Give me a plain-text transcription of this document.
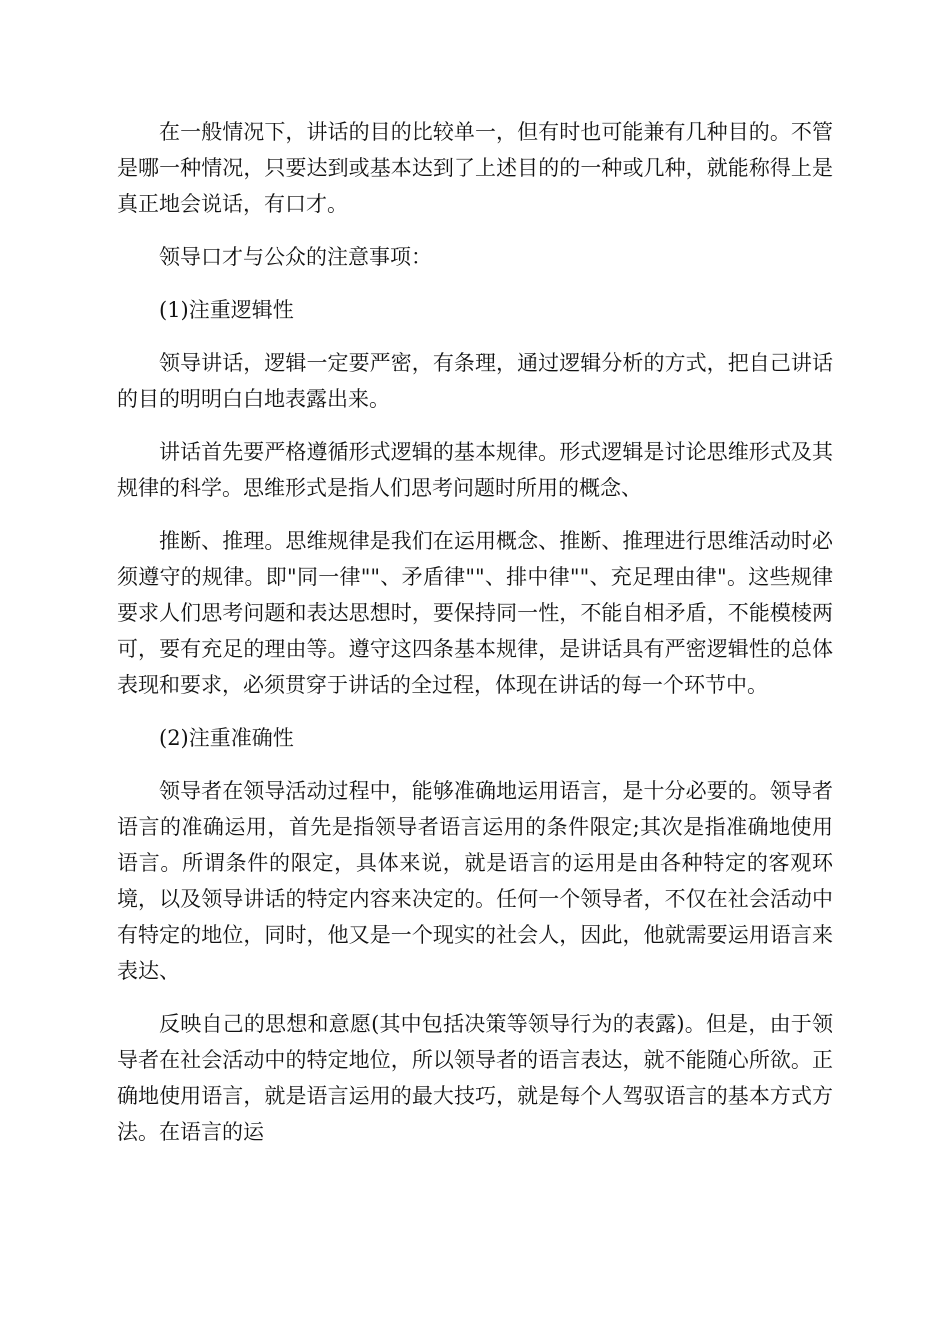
在一般情况下，讲话的目的比较单一，但有时也可能兼有几种目的。不管是哪一种情况，只要达到或基本达到了上述目的的一种或几种，就能称得上是真正地会说话，有口才。

领导口才与公众的注意事项：

(1)注重逻辑性

领导讲话，逻辑一定要严密，有条理，通过逻辑分析的方式，把自己讲话的目的明明白白地表露出来。

讲话首先要严格遵循形式逻辑的基本规律。形式逻辑是讨论思维形式及其规律的科学。思维形式是指人们思考问题时所用的概念、

推断、推理。思维规律是我们在运用概念、推断、推理进行思维活动时必须遵守的规律。即"同一律""、矛盾律""、排中律""、充足理由律"。这些规律要求人们思考问题和表达思想时，要保持同一性，不能自相矛盾，不能模棱两可，要有充足的理由等。遵守这四条基本规律，是讲话具有严密逻辑性的总体表现和要求，必须贯穿于讲话的全过程，体现在讲话的每一个环节中。

(2)注重准确性

领导者在领导活动过程中，能够准确地运用语言，是十分必要的。领导者语言的准确运用，首先是指领导者语言运用的条件限定;其次是指准确地使用语言。所谓条件的限定，具体来说，就是语言的运用是由各种特定的客观环境，以及领导讲话的特定内容来决定的。任何一个领导者，不仅在社会活动中有特定的地位，同时，他又是一个现实的社会人，因此，他就需要运用语言来表达、

反映自己的思想和意愿(其中包括决策等领导行为的表露)。但是，由于领导者在社会活动中的特定地位，所以领导者的语言表达，就不能随心所欲。正确地使用语言，就是语言运用的最大技巧，就是每个人驾驭语言的基本方式方法。在语言的运
